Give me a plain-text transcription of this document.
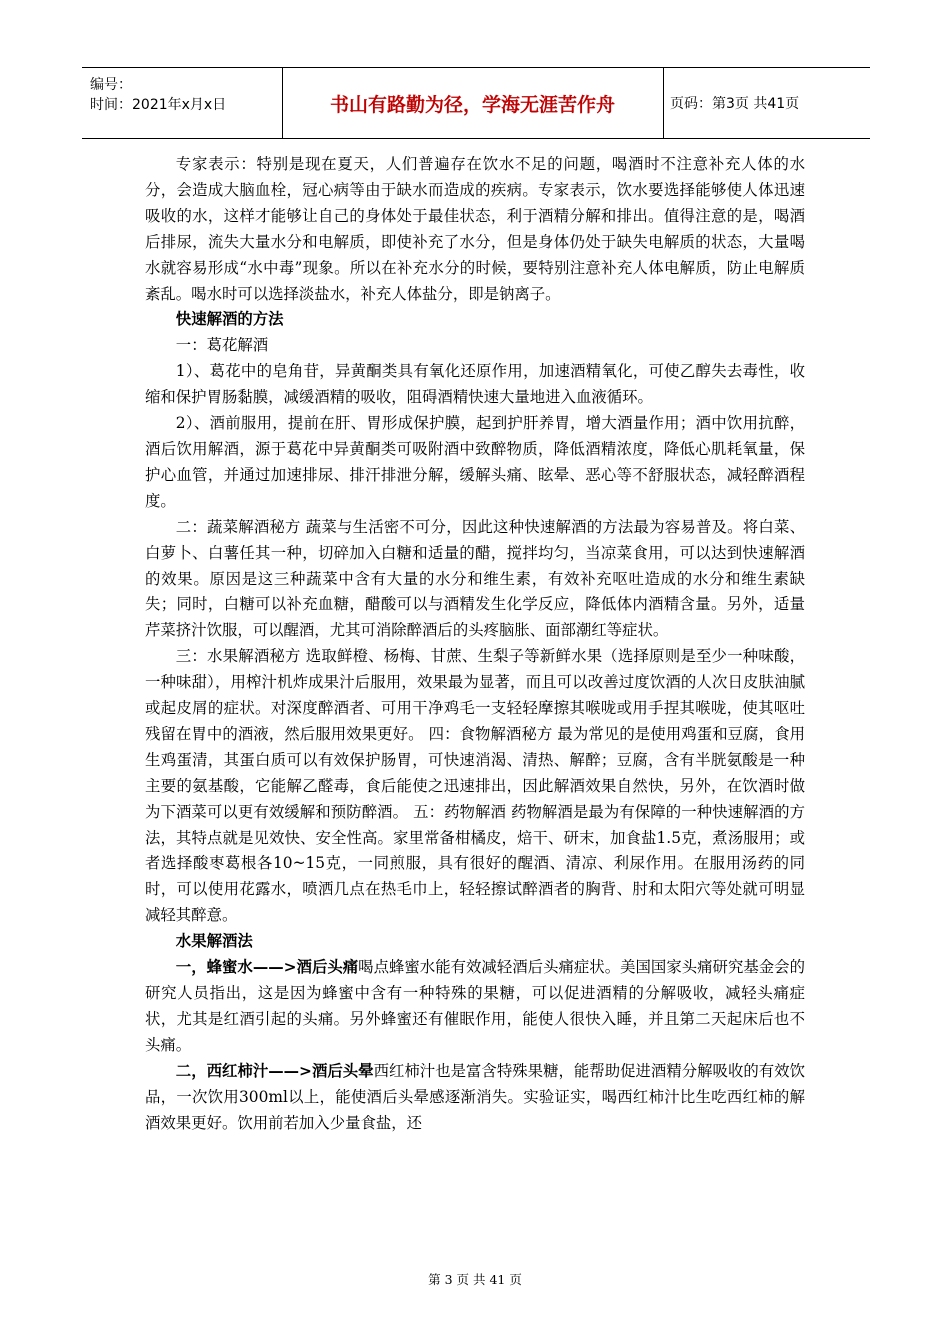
编号：
时间：2021年x月x日	书山有路勤为径，学海无涯苦作舟	页码：第3页 共41页

专家表示：特别是现在夏天，人们普遍存在饮水不足的问题，喝酒时不注意补充人体的水分，会造成大脑血栓，冠心病等由于缺水而造成的疾病。专家表示，饮水要选择能够使人体迅速吸收的水，这样才能够让自己的身体处于最佳状态，利于酒精分解和排出。值得注意的是，喝酒后排尿，流失大量水分和电解质，即使补充了水分，但是身体仍处于缺失电解质的状态，大量喝水就容易形成“水中毒”现象。所以在补充水分的时候，要特别注意补充人体电解质，防止电解质紊乱。喝水时可以选择淡盐水，补充人体盐分，即是钠离子。

快速解酒的方法

一：葛花解酒

1）、葛花中的皂角苷，异黄酮类具有氧化还原作用，加速酒精氧化，可使乙醇失去毒性，收缩和保护胃肠黏膜，减缓酒精的吸收，阻碍酒精快速大量地进入血液循环。

2）、酒前服用，提前在肝、胃形成保护膜，起到护肝养胃，增大酒量作用；酒中饮用抗醉，酒后饮用解酒，源于葛花中异黄酮类可吸附酒中致醉物质，降低酒精浓度，降低心肌耗氧量，保护心血管，并通过加速排尿、排汗排泄分解，缓解头痛、眩晕、恶心等不舒服状态，减轻醉酒程度。

二：蔬菜解酒秘方 蔬菜与生活密不可分，因此这种快速解酒的方法最为容易普及。将白菜、白萝卜、白薯任其一种，切碎加入白糖和适量的醋，搅拌均匀，当凉菜食用，可以达到快速解酒的效果。原因是这三种蔬菜中含有大量的水分和维生素，有效补充呕吐造成的水分和维生素缺失；同时，白糖可以补充血糖，醋酸可以与酒精发生化学反应，降低体内酒精含量。另外，适量芹菜挤汁饮服，可以醒酒，尤其可消除醉酒后的头疼脑胀、面部潮红等症状。

三：水果解酒秘方 选取鲜橙、杨梅、甘蔗、生梨子等新鲜水果（选择原则是至少一种味酸，一种味甜），用榨汁机炸成果汁后服用，效果最为显著，而且可以改善过度饮酒的人次日皮肤油腻或起皮屑的症状。对深度醉酒者、可用干净鸡毛一支轻轻摩擦其喉咙或用手捏其喉咙，使其呕吐残留在胃中的酒液，然后服用效果更好。 四：食物解酒秘方 最为常见的是使用鸡蛋和豆腐，食用生鸡蛋清，其蛋白质可以有效保护肠胃，可快速消渴、清热、解醉；豆腐，含有半胱氨酸是一种主要的氨基酸，它能解乙醛毒，食后能使之迅速排出，因此解酒效果自然快，另外，在饮酒时做为下酒菜可以更有效缓解和预防醉酒。 五：药物解酒 药物解酒是最为有保障的一种快速解酒的方法，其特点就是见效快、安全性高。家里常备柑橘皮，焙干、研末，加食盐1.5克，煮汤服用；或者选择酸枣葛根各10~15克，一同煎服，具有很好的醒酒、清凉、利尿作用。在服用汤药的同时，可以使用花露水，喷洒几点在热毛巾上，轻轻擦试醉酒者的胸背、肘和太阳穴等处就可明显减轻其醉意。

水果解酒法

一，蜂蜜水——>酒后头痛喝点蜂蜜水能有效减轻酒后头痛症状。美国国家头痛研究基金会的研究人员指出，这是因为蜂蜜中含有一种特殊的果糖，可以促进酒精的分解吸收，减轻头痛症状，尤其是红酒引起的头痛。另外蜂蜜还有催眠作用，能使人很快入睡，并且第二天起床后也不头痛。

二，西红柿汁——>酒后头晕西红柿汁也是富含特殊果糖，能帮助促进酒精分解吸收的有效饮品，一次饮用300ml以上，能使酒后头晕感逐渐消失。实验证实，喝西红柿汁比生吃西红柿的解酒效果更好。饮用前若加入少量食盐，还

第 3 页 共 41 页
